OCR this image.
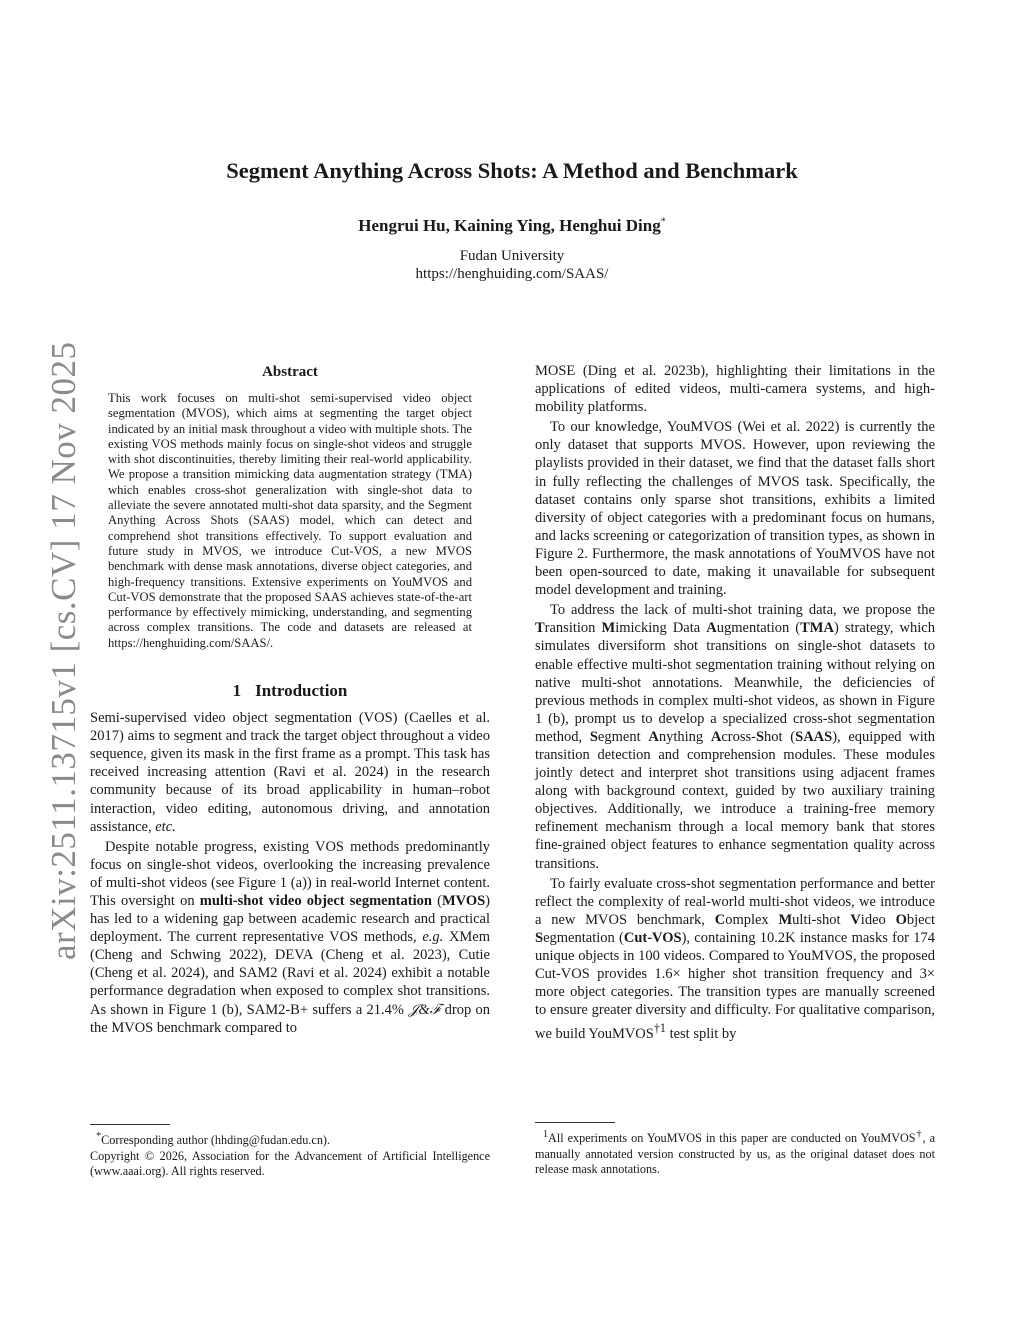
arXiv:2511.13715v1 [cs.CV] 17 Nov 2025
Segment Anything Across Shots: A Method and Benchmark
Hengrui Hu, Kaining Ying, Henghui Ding*
Fudan University
https://henghuiding.com/SAAS/
Abstract
This work focuses on multi-shot semi-supervised video object segmentation (MVOS), which aims at segmenting the target object indicated by an initial mask throughout a video with multiple shots. The existing VOS methods mainly focus on single-shot videos and struggle with shot discontinuities, thereby limiting their real-world applicability. We propose a transition mimicking data augmentation strategy (TMA) which enables cross-shot generalization with single-shot data to alleviate the severe annotated multi-shot data sparsity, and the Segment Anything Across Shots (SAAS) model, which can detect and comprehend shot transitions effectively. To support evaluation and future study in MVOS, we introduce Cut-VOS, a new MVOS benchmark with dense mask annotations, diverse object categories, and high-frequency transitions. Extensive experiments on YouMVOS and Cut-VOS demonstrate that the proposed SAAS achieves state-of-the-art performance by effectively mimicking, understanding, and segmenting across complex transitions. The code and datasets are released at https://henghuiding.com/SAAS/.
1 Introduction

Semi-supervised video object segmentation (VOS) (Caelles et al. 2017) aims to segment and track the target object throughout a video sequence, given its mask in the first frame as a prompt. This task has received increasing attention (Ravi et al. 2024) in the research community because of its broad applicability in human–robot interaction, video editing, autonomous driving, and annotation assistance, etc.

Despite notable progress, existing VOS methods predominantly focus on single-shot videos, overlooking the increasing prevalence of multi-shot videos (see Figure 1 (a)) in real-world Internet content. This oversight on multi-shot video object segmentation (MVOS) has led to a widening gap between academic research and practical deployment. The current representative VOS methods, e.g. XMem (Cheng and Schwing 2022), DEVA (Cheng et al. 2023), Cutie (Cheng et al. 2024), and SAM2 (Ravi et al. 2024) exhibit a notable performance degradation when exposed to complex shot transitions. As shown in Figure 1 (b), SAM2-B+ suffers a 21.4% 𝒥&ℱ drop on the MVOS benchmark compared to

MOSE (Ding et al. 2023b), highlighting their limitations in the applications of edited videos, multi-camera systems, and high-mobility platforms.

To our knowledge, YouMVOS (Wei et al. 2022) is currently the only dataset that supports MVOS. However, upon reviewing the playlists provided in their dataset, we find that the dataset falls short in fully reflecting the challenges of MVOS task. Specifically, the dataset contains only sparse shot transitions, exhibits a limited diversity of object categories with a predominant focus on humans, and lacks screening or categorization of transition types, as shown in Figure 2. Furthermore, the mask annotations of YouMVOS have not been open-sourced to date, making it unavailable for subsequent model development and training.

To address the lack of multi-shot training data, we propose the Transition Mimicking Data Augmentation (TMA) strategy, which simulates diversiform shot transitions on single-shot datasets to enable effective multi-shot segmentation training without relying on native multi-shot annotations. Meanwhile, the deficiencies of previous methods in complex multi-shot videos, as shown in Figure 1 (b), prompt us to develop a specialized cross-shot segmentation method, Segment Anything Across-Shot (SAAS), equipped with transition detection and comprehension modules. These modules jointly detect and interpret shot transitions using adjacent frames along with background context, guided by two auxiliary training objectives. Additionally, we introduce a training-free memory refinement mechanism through a local memory bank that stores fine-grained object features to enhance segmentation quality across transitions.

To fairly evaluate cross-shot segmentation performance and better reflect the complexity of real-world multi-shot videos, we introduce a new MVOS benchmark, Complex Multi-shot Video Object Segmentation (Cut-VOS), containing 10.2K instance masks for 174 unique objects in 100 videos. Compared to YouMVOS, the proposed Cut-VOS provides 1.6× higher shot transition frequency and 3× more object categories. The transition types are manually screened to ensure greater diversity and difficulty. For qualitative comparison, we build YouMVOS$^{\dagger 1}$ test split by

*Corresponding author (hhding@fudan.edu.cn).
Copyright © 2026, Association for the Advancement of Artificial Intelligence (www.aaai.org). All rights reserved.
$^1$All experiments on YouMVOS in this paper are conducted on YouMVOS†, a manually annotated version constructed by us, as the original dataset does not release mask annotations.
